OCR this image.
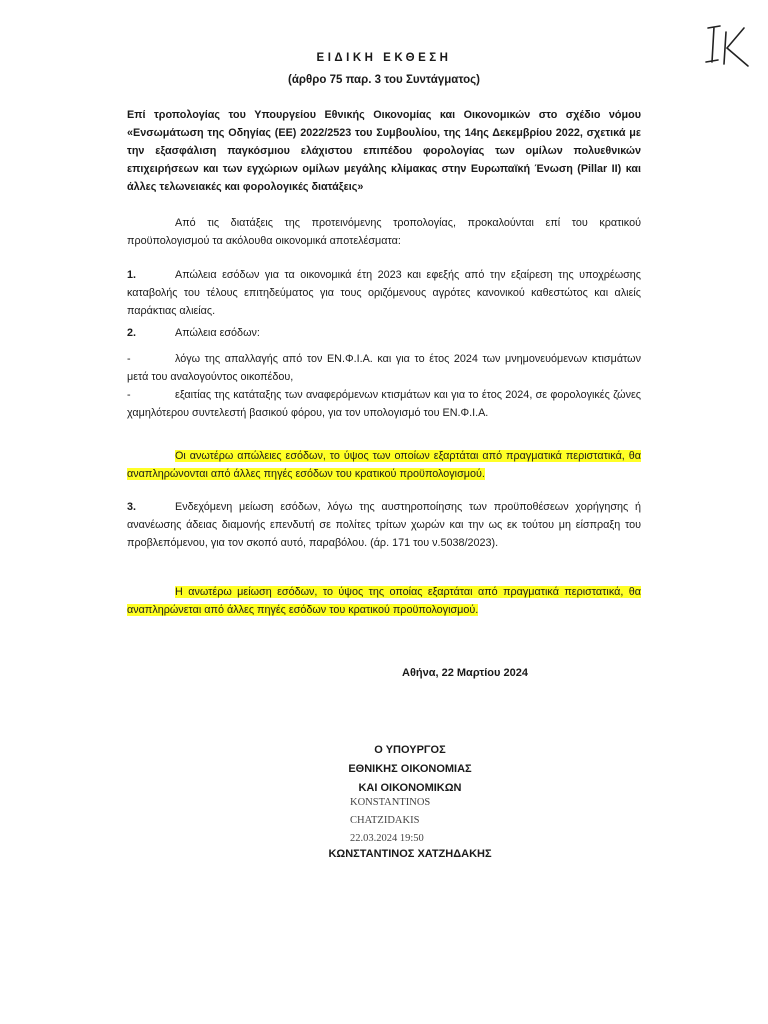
ΕΙΔΙΚΗ ΕΚΘΕΣΗ
(άρθρο 75 παρ. 3 του Συντάγματος)
Επί τροπολογίας του Υπουργείου Εθνικής Οικονομίας και Οικονομικών στο σχέδιο νόμου «Ενσωμάτωση της Οδηγίας (ΕΕ) 2022/2523 του Συμβουλίου, της 14ης Δεκεμβρίου 2022, σχετικά με την εξασφάλιση παγκόσμιου ελάχιστου επιπέδου φορολογίας των ομίλων πολυεθνικών επιχειρήσεων και των εγχώριων ομίλων μεγάλης κλίμακας στην Ευρωπαϊκή Ένωση (Pillar II) και άλλες τελωνειακές και φορολογικές διατάξεις»
Από τις διατάξεις της προτεινόμενης τροπολογίας, προκαλούνται επί του κρατικού προϋπολογισμού τα ακόλουθα οικονομικά αποτελέσματα:
1.	Απώλεια εσόδων για τα οικονομικά έτη 2023 και εφεξής από την εξαίρεση της υποχρέωσης καταβολής του τέλους επιτηδεύματος για τους οριζόμενους αγρότες κανονικού καθεστώτος και αλιείς παράκτιας αλιείας.
2.	Απώλεια εσόδων:
-	λόγω της απαλλαγής από τον ΕΝ.Φ.Ι.Α. και για το έτος 2024 των μνημονευόμενων κτισμάτων μετά του αναλογούντος οικοπέδου,
-	εξαιτίας της κατάταξης των αναφερόμενων κτισμάτων και για το έτος 2024, σε φορολογικές ζώνες χαμηλότερου συντελεστή βασικού φόρου, για τον υπολογισμό του ΕΝ.Φ.Ι.Α.
Οι ανωτέρω απώλειες εσόδων, το ύψος των οποίων εξαρτάται από πραγματικά περιστατικά, θα αναπληρώνονται από άλλες πηγές εσόδων του κρατικού προϋπολογισμού.
3.	Ενδεχόμενη μείωση εσόδων, λόγω της αυστηροποίησης των προϋποθέσεων χορήγησης ή ανανέωσης άδειας διαμονής επενδυτή σε πολίτες τρίτων χωρών και την ως εκ τούτου μη είσπραξη του προβλεπόμενου, για τον σκοπό αυτό, παραβόλου. (άρ. 171 του ν.5038/2023).
Η ανωτέρω μείωση εσόδων, το ύψος της οποίας εξαρτάται από πραγματικά περιστατικά, θα αναπληρώνεται από άλλες πηγές εσόδων του κρατικού προϋπολογισμού.
Αθήνα, 22 Μαρτίου 2024
Ο ΥΠΟΥΡΓΟΣ
ΕΘΝΙΚΗΣ ΟΙΚΟΝΟΜΙΑΣ
ΚΑΙ ΟΙΚΟΝΟΜΙΚΩΝ
KONSTANTINOS
CHATZIDAKIS
22.03.2024 19:50
ΚΩΝΣΤΑΝΤΙΝΟΣ ΧΑΤΖΗΔΑΚΗΣ
